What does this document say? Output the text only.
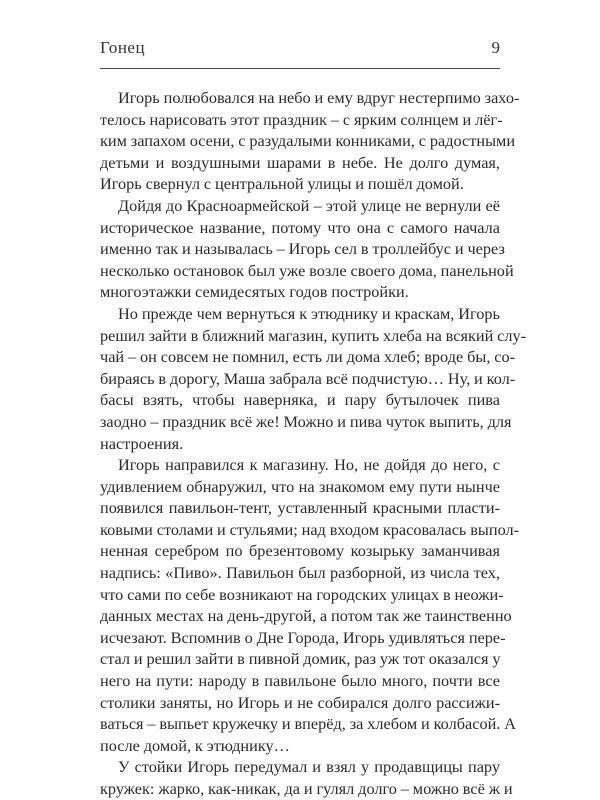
Гонец	9
Игорь полюбовался на небо и ему вдруг нестерпимо захо-
телось нарисовать этот праздник – с ярким солнцем и лёг-
ким запахом осени, с разудалыми конниками, с радостными
детьми и воздушными шарами в небе. Не долго думая,
Игорь свернул с центральной улицы и пошёл домой.
Дойдя до Красноармейской – этой улице не вернули её
историческое название, потому что она с самого начала
именно так и называлась – Игорь сел в троллейбус и через
несколько остановок был уже возле своего дома, панельной
многоэтажки семидесятых годов постройки.
Но прежде чем вернуться к этюднику и краскам, Игорь
решил зайти в ближний магазин, купить хлеба на всякий слу-
чай – он совсем не помнил, есть ли дома хлеб; вроде бы, со-
бираясь в дорогу, Маша забрала всё подчистую… Ну, и кол-
басы взять, чтобы наверняка, и пару бутылочек пива
заодно – праздник всё же! Можно и пива чуток выпить, для
настроения.
Игорь направился к магазину. Но, не дойдя до него, с
удивлением обнаружил, что на знакомом ему пути нынче
появился павильон-тент, уставленный красными пласти-
ковыми столами и стульями; над входом красовалась выпол-
ненная серебром по брезентовому козырьку заманчивая
надпись: «Пиво». Павильон был разборной, из числа тех,
что сами по себе возникают на городских улицах в неожи-
данных местах на день-другой, а потом так же таинственно
исчезают. Вспомнив о Дне Города, Игорь удивляться пере-
стал и решил зайти в пивной домик, раз уж тот оказался у
него на пути: народу в павильоне было много, почти все
столики заняты, но Игорь и не собирался долго рассижи-
ваться – выпьет кружечку и вперёд, за хлебом и колбасой. А
после домой, к этюднику…
У стойки Игорь передумал и взял у продавщицы пару
кружек: жарко, как-никак, да и гулял долго – можно всё ж и
